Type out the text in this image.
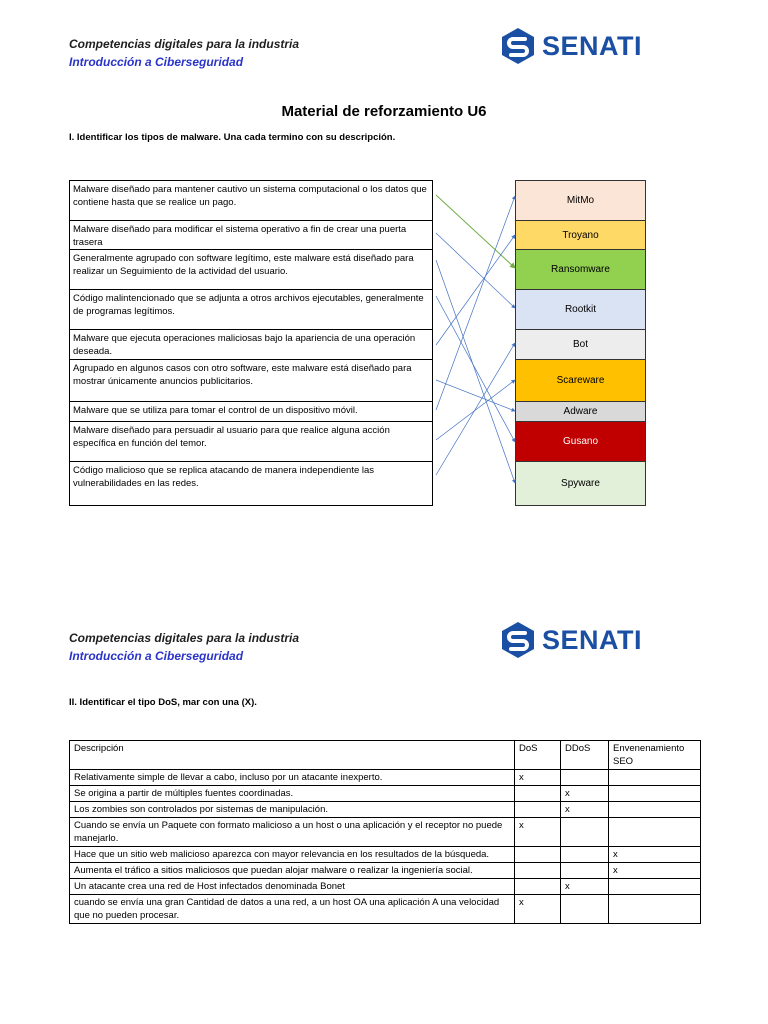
Competencias digitales para la industria
Introducción a Ciberseguridad
SENATI
Material de reforzamiento U6
I. Identificar los tipos de malware. Una cada termino con su descripción.
Malware diseñado para mantener cautivo un sistema computacional o los datos que contiene hasta que se realice un pago.
Malware diseñado para modificar el sistema operativo a fin de crear una puerta trasera
Generalmente agrupado con software legítimo, este malware está diseñado para realizar un Seguimiento de la actividad del usuario.
Código malintencionado que se adjunta a otros archivos ejecutables, generalmente de programas legítimos.
Malware que ejecuta operaciones maliciosas bajo la apariencia de una operación deseada.
Agrupado en algunos casos con otro software, este malware está diseñado para mostrar únicamente anuncios publicitarios.
Malware que se utiliza para tomar el control de un dispositivo móvil.
Malware diseñado para persuadir al usuario para que realice alguna acción específica en función del temor.
Código malicioso que se replica atacando de manera independiente las vulnerabilidades en las redes.
MitMo
Troyano
Ransomware
Rootkit
Bot
Scareware
Adware
Gusano
Spyware
Competencias digitales para la industria
Introducción a Ciberseguridad
SENATI
II. Identificar el tipo DoS, mar con una (X).
Descripción	DoS	DDoS	Envenenamiento SEO
Relativamente simple de llevar a cabo, incluso por un atacante inexperto.	x		
Se origina a partir de múltiples fuentes coordinadas.		x	
Los zombies son controlados por sistemas de manipulación.		x	
Cuando se envía un Paquete con formato malicioso a un host o una aplicación y el receptor no puede manejarlo.	x		
Hace que un sitio web malicioso aparezca con mayor relevancia en los resultados de la búsqueda.			x
Aumenta el tráfico a sitios maliciosos que puedan alojar malware o realizar la ingeniería social.			x
Un atacante crea una red de Host infectados denominada Bonet		x	
cuando se envía una gran Cantidad de datos a una red, a un host OA una aplicación A una velocidad que no pueden procesar.	x		
